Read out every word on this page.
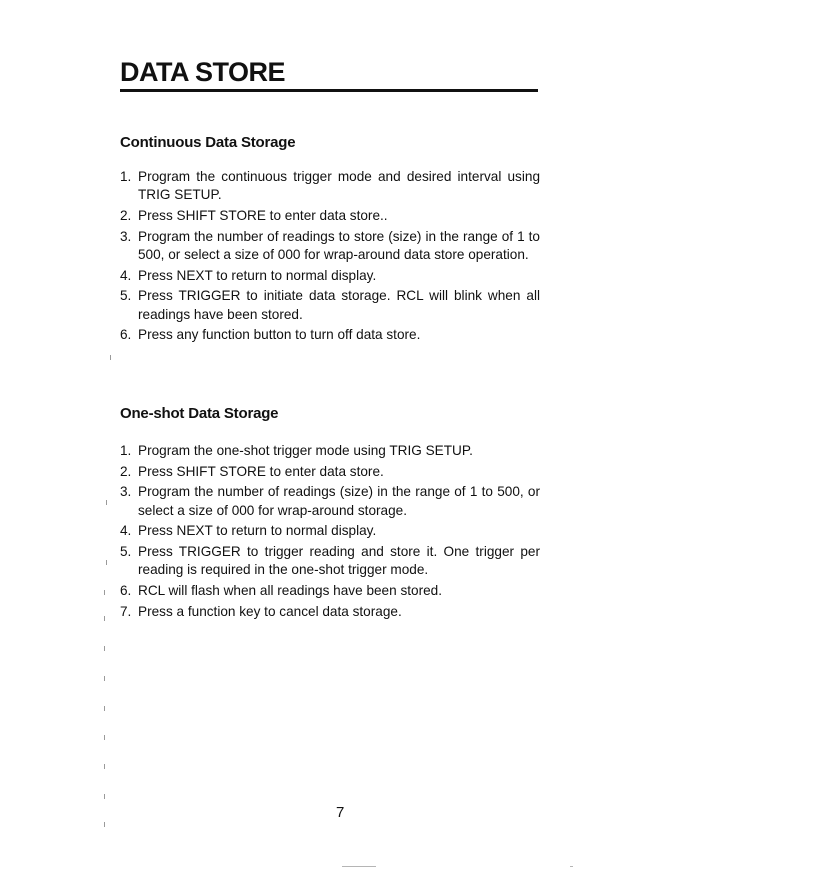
DATA STORE
Continuous Data Storage
1. Program the continuous trigger mode and desired interval using TRIG SETUP.
2. Press SHIFT STORE to enter data store..
3. Program the number of readings to store (size) in the range of 1 to 500, or select a size of 000 for wrap-around data store operation.
4. Press NEXT to return to normal display.
5. Press TRIGGER to initiate data storage. RCL will blink when all readings have been stored.
6. Press any function button to turn off data store.
One-shot Data Storage
1. Program the one-shot trigger mode using TRIG SETUP.
2. Press SHIFT STORE to enter data store.
3. Program the number of readings (size) in the range of 1 to 500, or select a size of 000 for wrap-around storage.
4. Press NEXT to return to normal display.
5. Press TRIGGER to trigger reading and store it. One trigger per reading is required in the one-shot trigger mode.
6. RCL will flash when all readings have been stored.
7. Press a function key to cancel data storage.
7
